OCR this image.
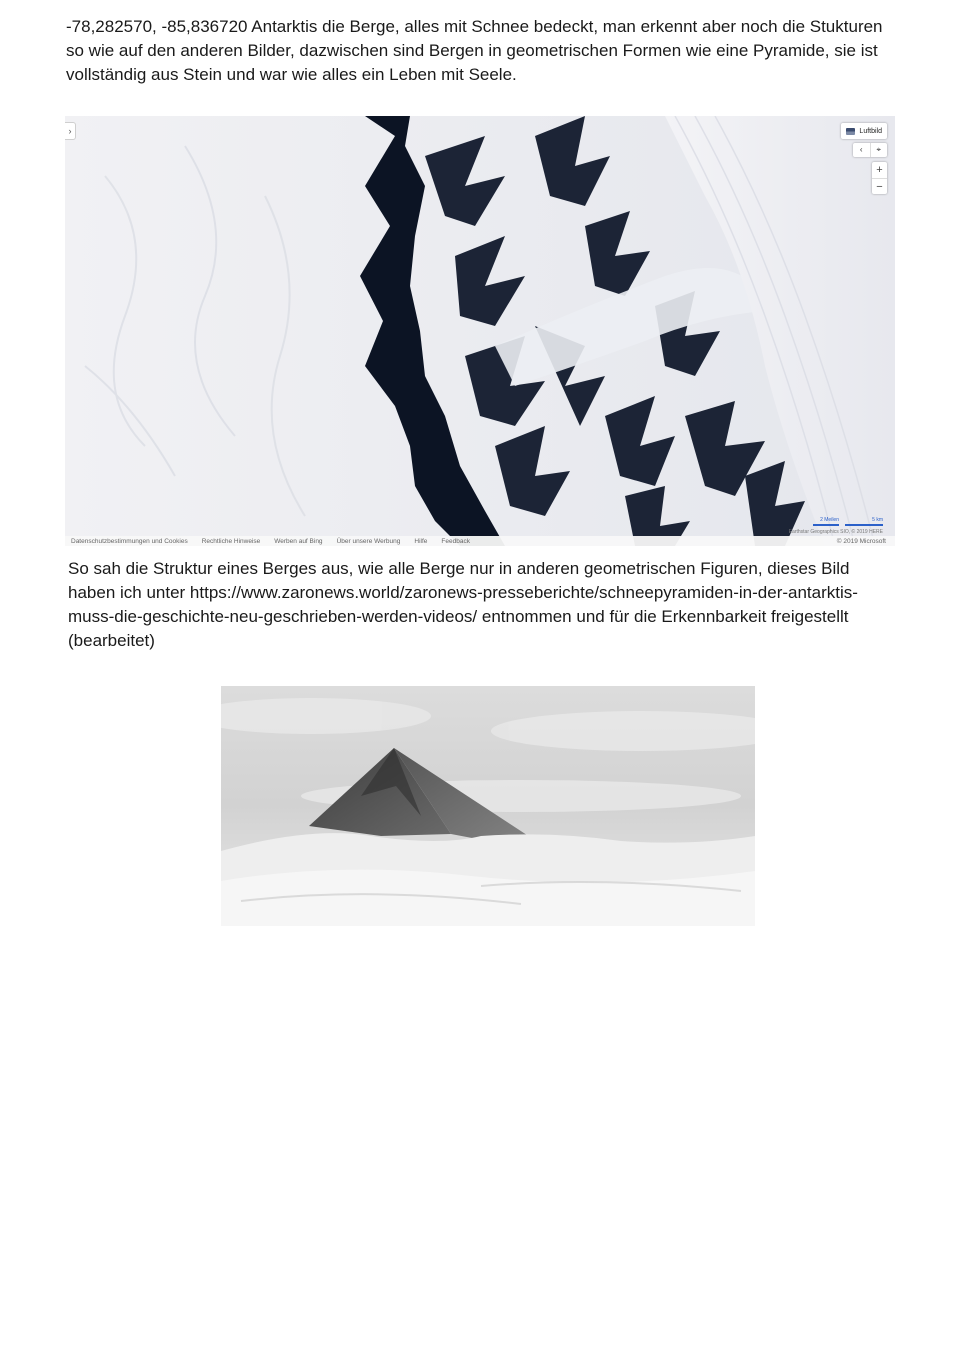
-78,282570, -85,836720 Antarktis die Berge, alles mit Schnee bedeckt, man erkennt aber noch die Stukturen so wie auf den anderen Bilder, dazwischen sind Bergen in geometrischen Formen wie eine Pyramide, sie ist vollständig aus Stein und war wie alles ein Leben mit Seele.

›	Luftbild
‹	⌖
+
−
2 Meilen	5 km
Earthstar Geographics SIO, © 2019 HERE
Datenschutzbestimmungen und Cookies Rechtliche Hinweise Werben auf Bing Über unsere Werbung Hilfe Feedback	© 2019 Microsoft

So sah die Struktur eines Berges aus, wie alle Berge nur in anderen geometrischen Figuren, dieses Bild haben ich unter https://www.zaronews.world/zaronews-presseberichte/schneepyramiden-in-der-antarktis-muss-die-geschichte-neu-geschrieben-werden-videos/ entnommen und für die Erkennbarkeit freigestellt (bearbeitet)
